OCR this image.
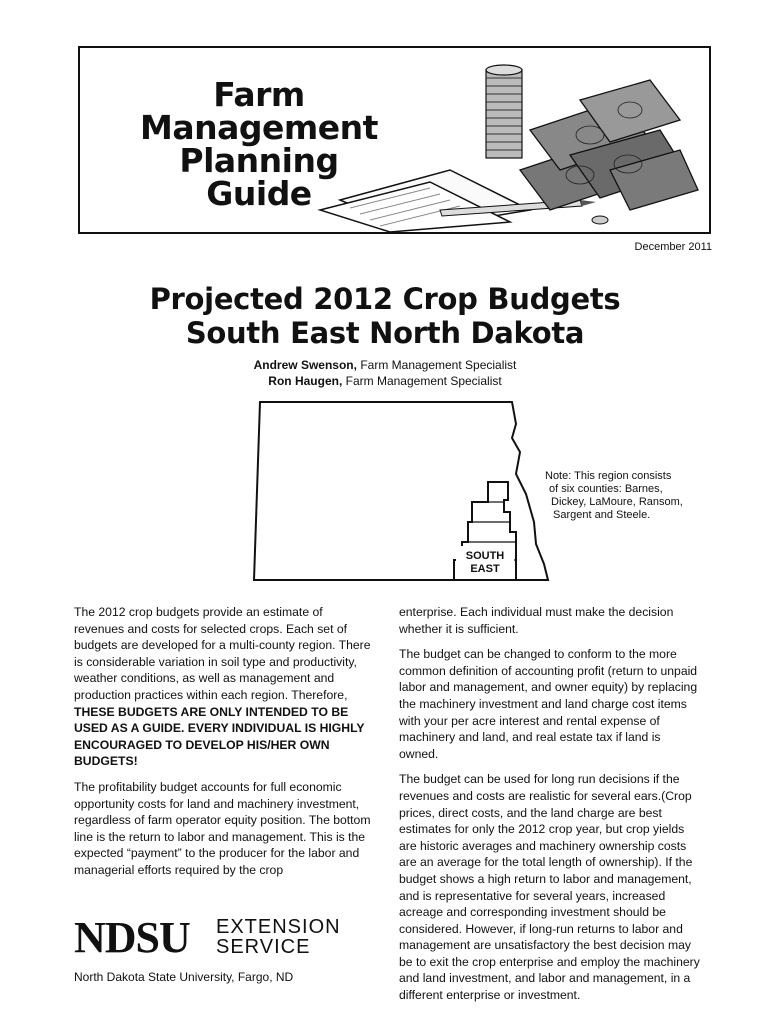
Farm
Management
Planning
Guide
December 2011
Projected 2012 Crop Budgets
South East North Dakota
Andrew Swenson, Farm Management Specialist
Ron Haugen, Farm Management Specialist
SOUTH
EAST
Note: This region consists
of six counties: Barnes,
Dickey, LaMoure, Ransom,
Sargent and Steele.

The 2012 crop budgets provide an estimate of revenues and costs for selected crops. Each set of budgets are developed for a multi-county region. There is considerable variation in soil type and productivity, weather conditions, as well as management and production practices within each region. Therefore, THESE BUDGETS ARE ONLY INTENDED TO BE USED AS A GUIDE. EVERY INDIVIDUAL IS HIGHLY ENCOURAGED TO DEVELOP HIS/HER OWN BUDGETS!

The profitability budget accounts for full economic opportunity costs for land and machinery investment, regardless of farm operator equity position. The bottom line is the return to labor and management. This is the expected “payment” to the producer for the labor and managerial efforts required by the crop

enterprise. Each individual must make the decision whether it is sufficient.

The budget can be changed to conform to the more common definition of accounting profit (return to unpaid labor and management, and owner equity) by replacing the machinery investment and land charge cost items with your per acre interest and rental expense of machinery and land, and real estate tax if land is owned.

The budget can be used for long run decisions if the revenues and costs are realistic for several ears.(Crop prices, direct costs, and the land charge are best estimates for only the 2012 crop year, but crop yields are historic averages and machinery ownership costs are an average for the total length of ownership). If the budget shows a high return to labor and management, and is representative for several years, increased acreage and corresponding investment should be considered. However, if long-run returns to labor and management are unsatisfactory the best decision may be to exit the crop enterprise and employ the machinery and land investment, and labor and management, in a different enterprise or investment.

NDSU EXTENSION
SERVICE
North Dakota State University, Fargo, ND
